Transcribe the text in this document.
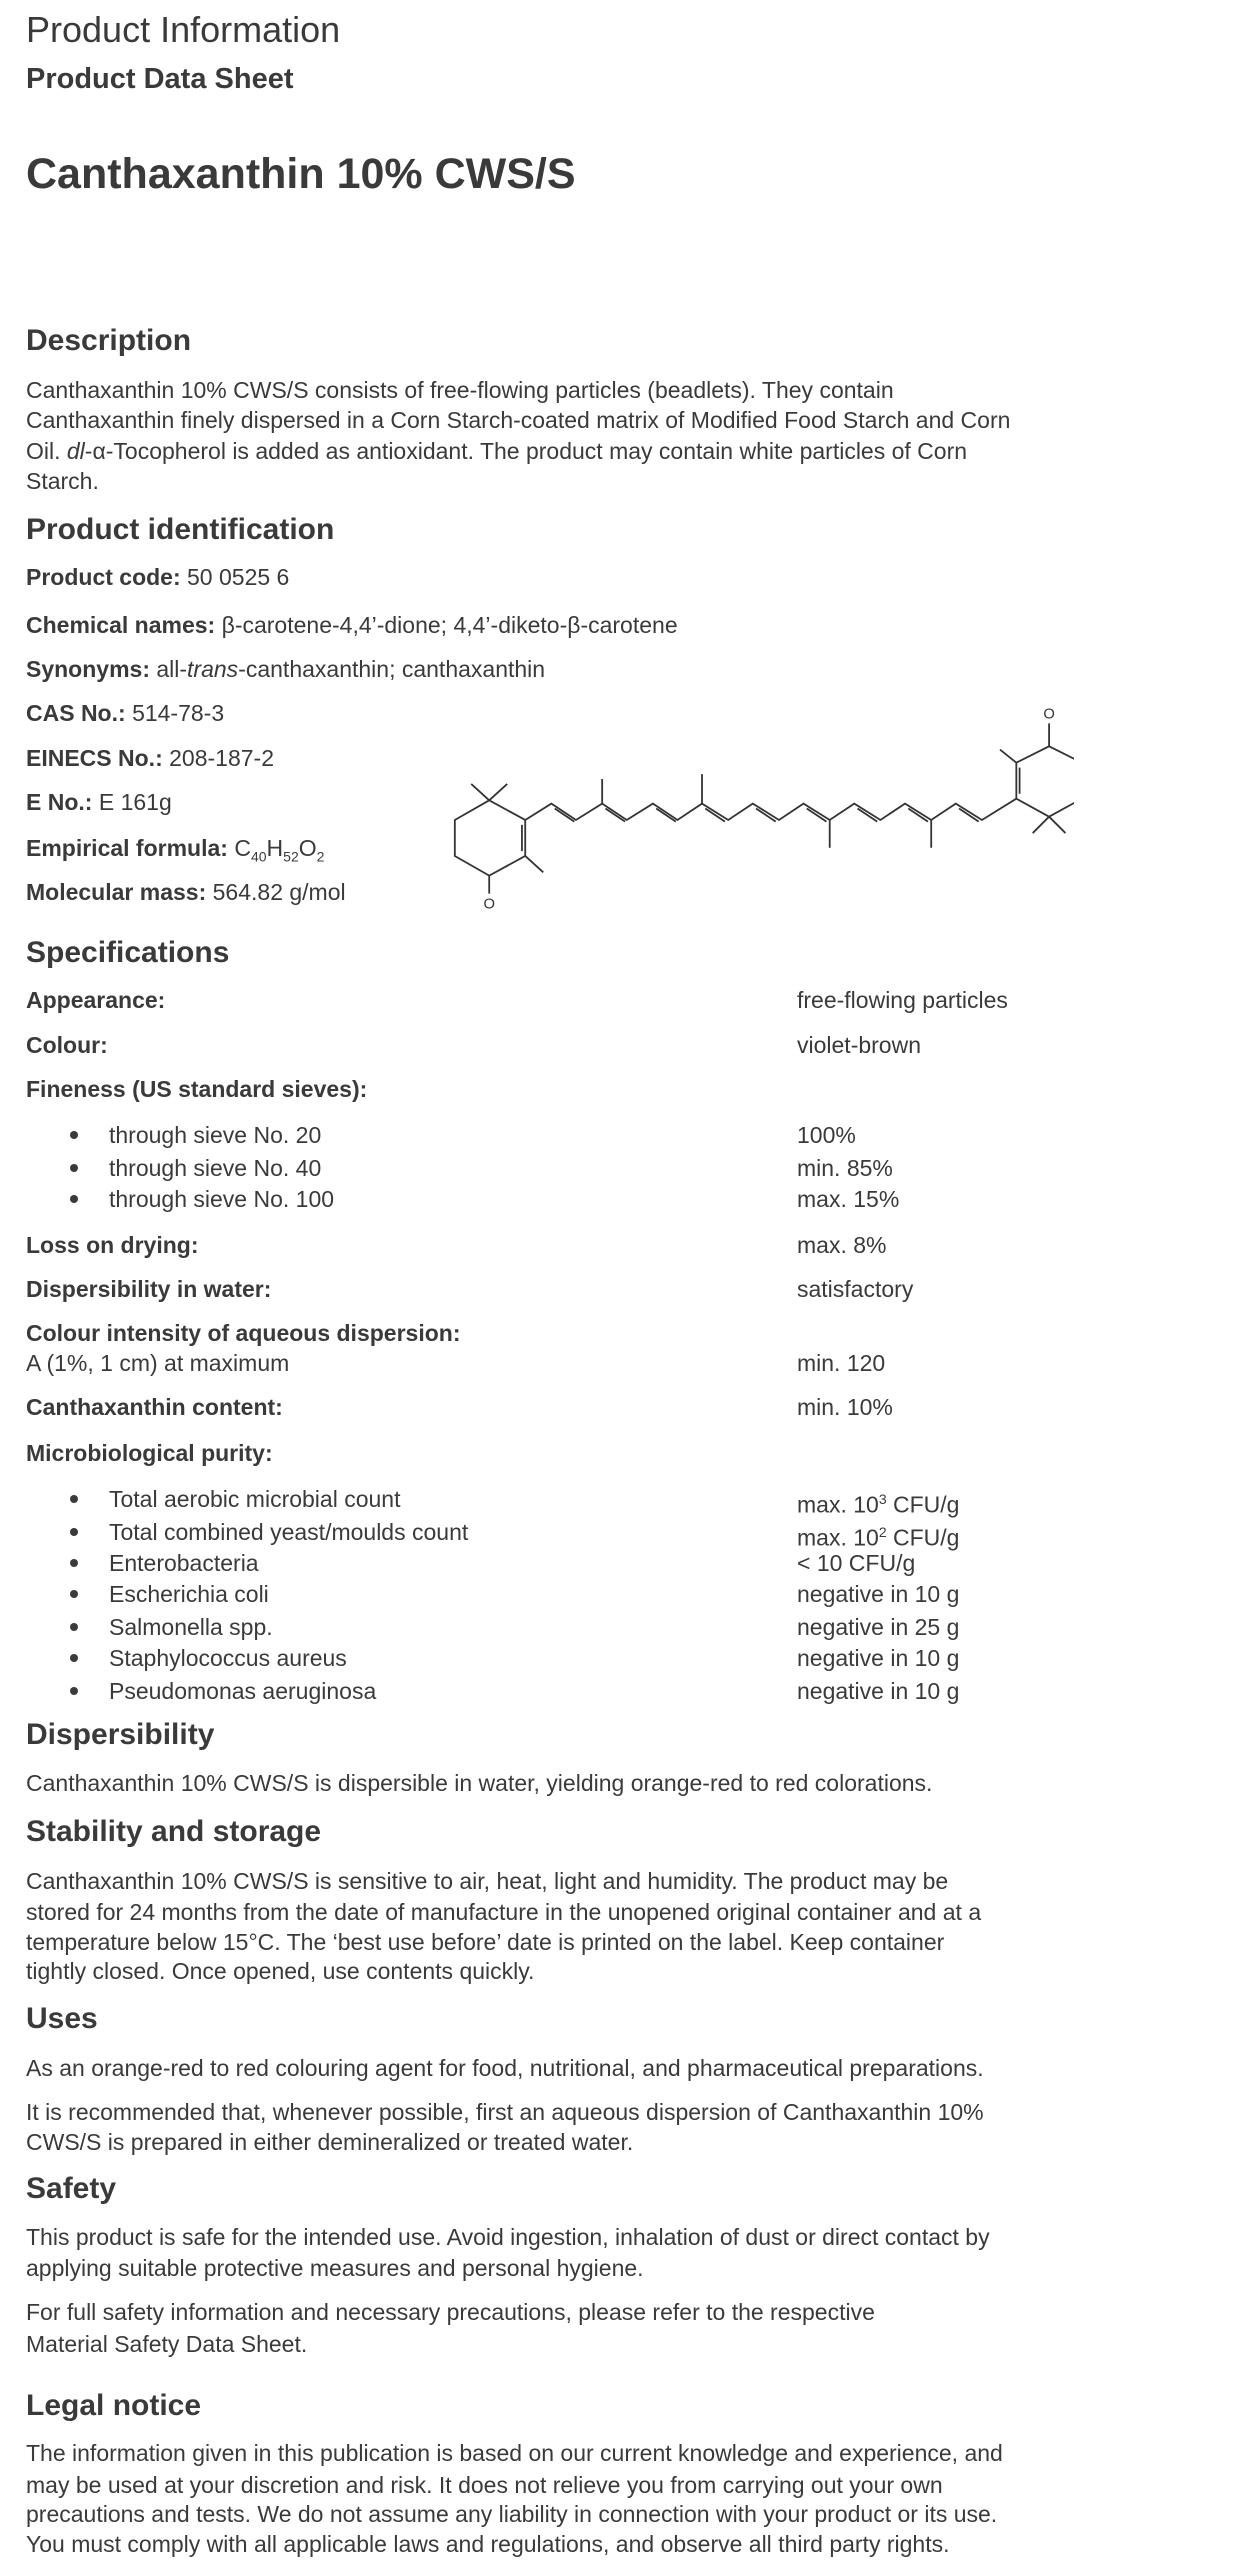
Product Information
Product Data Sheet
Canthaxanthin 10% CWS/S
Description
Canthaxanthin 10% CWS/S consists of free-flowing particles (beadlets). They contain
Canthaxanthin finely dispersed in a Corn Starch-coated matrix of Modified Food Starch and Corn
Oil. dl-α-Tocopherol is added as antioxidant. The product may contain white particles of Corn
Starch.
Product identification
Product code: 50 0525 6
Chemical names: β-carotene-4,4’-dione; 4,4’-diketo-β-carotene
Synonyms: all-trans-canthaxanthin; canthaxanthin
CAS No.: 514-78-3
EINECS No.: 208-187-2
E No.: E 161g
Empirical formula: $C_{40}H_{52}O_2$
Molecular mass: 564.82 g/mol	O
O
Specifications
Appearance:	free-flowing particles
Colour:	violet-brown
Fineness (US standard sieves):
through sieve No. 20	100%
through sieve No. 40	min. 85%
through sieve No. 100	max. 15%
Loss on drying:	max. 8%
Dispersibility in water:	satisfactory
Colour intensity of aqueous dispersion:
A (1%, 1 cm) at maximum	min. 120
Canthaxanthin content:	min. 10%
Microbiological purity:
Total aerobic microbial count	max. $10^3$ CFU/g
Total combined yeast/moulds count	max. $10^2$ CFU/g
Enterobacteria	< 10 CFU/g
Escherichia coli	negative in 10 g
Salmonella spp.	negative in 25 g
Staphylococcus aureus	negative in 10 g
Pseudomonas aeruginosa	negative in 10 g
Dispersibility
Canthaxanthin 10% CWS/S is dispersible in water, yielding orange-red to red colorations.
Stability and storage
Canthaxanthin 10% CWS/S is sensitive to air, heat, light and humidity. The product may be
stored for 24 months from the date of manufacture in the unopened original container and at a
temperature below 15°C. The ‘best use before’ date is printed on the label. Keep container
tightly closed. Once opened, use contents quickly.
Uses
As an orange-red to red colouring agent for food, nutritional, and pharmaceutical preparations.
It is recommended that, whenever possible, first an aqueous dispersion of Canthaxanthin 10%
CWS/S is prepared in either demineralized or treated water.
Safety
This product is safe for the intended use. Avoid ingestion, inhalation of dust or direct contact by
applying suitable protective measures and personal hygiene.
For full safety information and necessary precautions, please refer to the respective
Material Safety Data Sheet.
Legal notice
The information given in this publication is based on our current knowledge and experience, and
may be used at your discretion and risk. It does not relieve you from carrying out your own
precautions and tests. We do not assume any liability in connection with your product or its use.
You must comply with all applicable laws and regulations, and observe all third party rights.
